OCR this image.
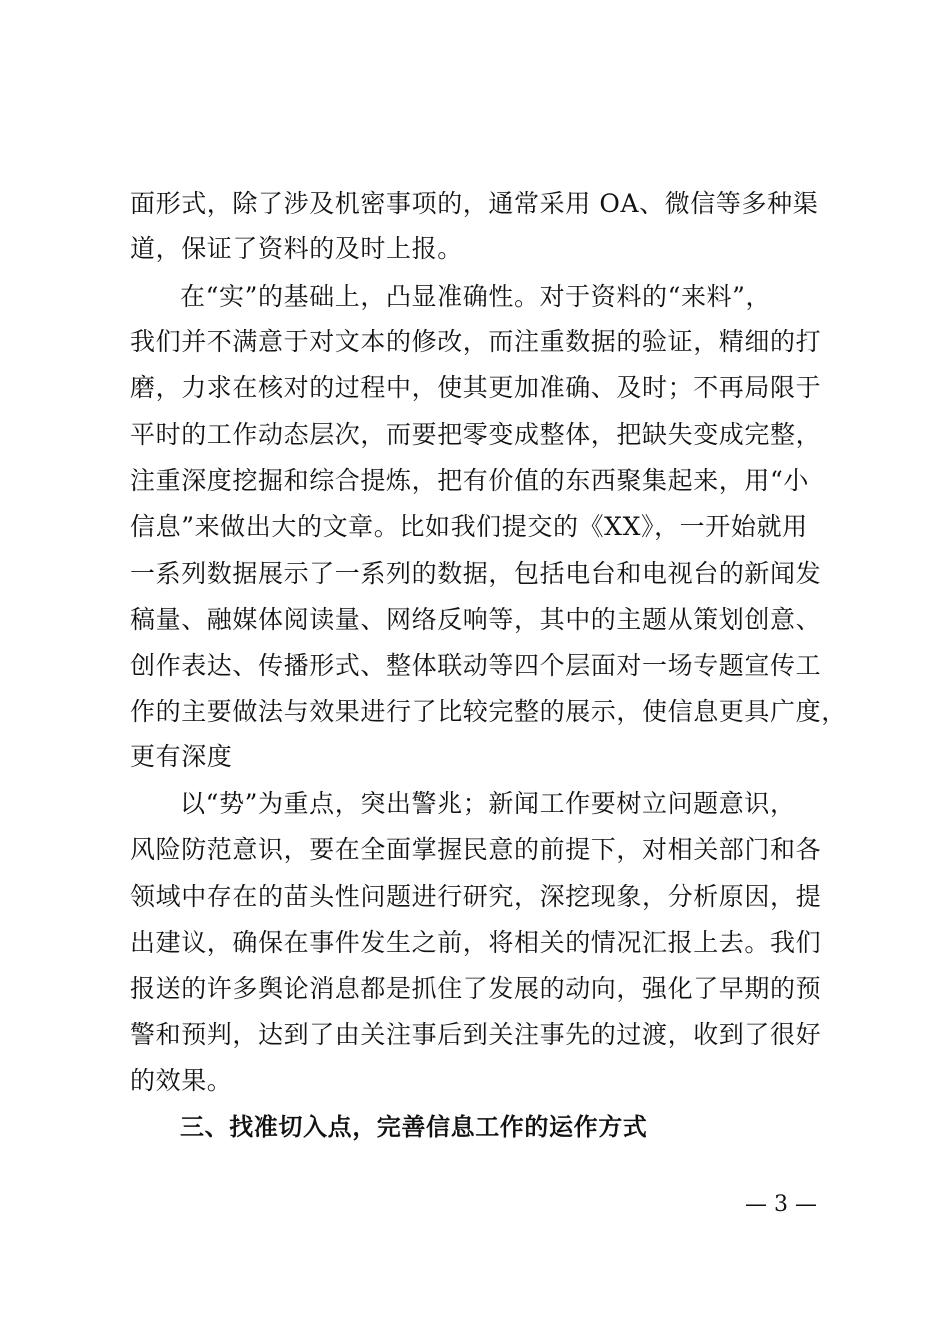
面形式，除了涉及机密事项的，通常采用 OA、微信等多种渠
道，保证了资料的及时上报。
在“实”的基础上，凸显准确性。对于资料的“来料”，
我们并不满意于对文本的修改，而注重数据的验证，精细的打
磨，力求在核对的过程中，使其更加准确、及时；不再局限于
平时的工作动态层次，而要把零变成整体，把缺失变成完整，
注重深度挖掘和综合提炼，把有价值的东西聚集起来，用“小
信息”来做出大的文章。比如我们提交的《XX》，一开始就用
一系列数据展示了一系列的数据，包括电台和电视台的新闻发
稿量、融媒体阅读量、网络反响等，其中的主题从策划创意、
创作表达、传播形式、整体联动等四个层面对一场专题宣传工
作的主要做法与效果进行了比较完整的展示，使信息更具广度，
更有深度
以“势”为重点，突出警兆；新闻工作要树立问题意识，
风险防范意识，要在全面掌握民意的前提下，对相关部门和各
领域中存在的苗头性问题进行研究，深挖现象，分析原因，提
出建议，确保在事件发生之前，将相关的情况汇报上去。我们
报送的许多舆论消息都是抓住了发展的动向，强化了早期的预
警和预判，达到了由关注事后到关注事先的过渡，收到了很好
的效果。
三、找准切入点，完善信息工作的运作方式
— 3 —
